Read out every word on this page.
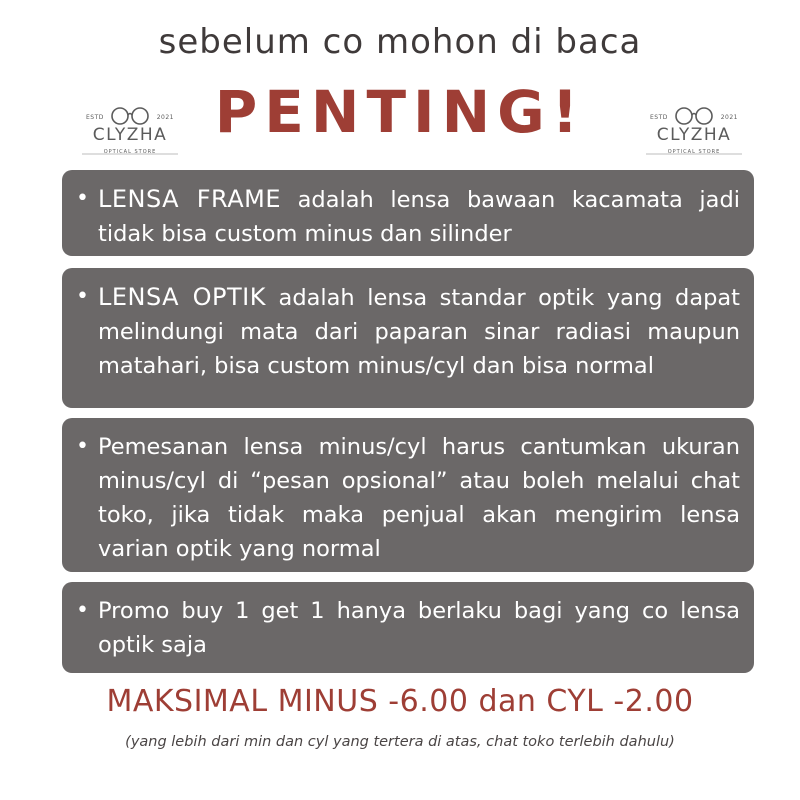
sebelum co mohon di baca
PENTING!
ESTD	2021
CLYZHA
OPTICAL STORE
ESTD	2021
CLYZHA
OPTICAL STORE
• LENSA FRAME adalah lensa bawaan kacamata jadi tidak bisa custom minus dan silinder
• LENSA OPTIK adalah lensa standar optik yang dapat melindungi mata dari paparan sinar radiasi maupun matahari, bisa custom minus/cyl dan bisa normal
• Pemesanan lensa minus/cyl harus cantumkan ukuran minus/cyl di “pesan opsional” atau boleh melalui chat toko, jika tidak maka penjual akan mengirim lensa varian optik yang normal
• Promo buy 1 get 1 hanya berlaku bagi yang co lensa optik saja
MAKSIMAL MINUS -6.00 dan CYL -2.00
(yang lebih dari min dan cyl yang tertera di atas, chat toko terlebih dahulu)
